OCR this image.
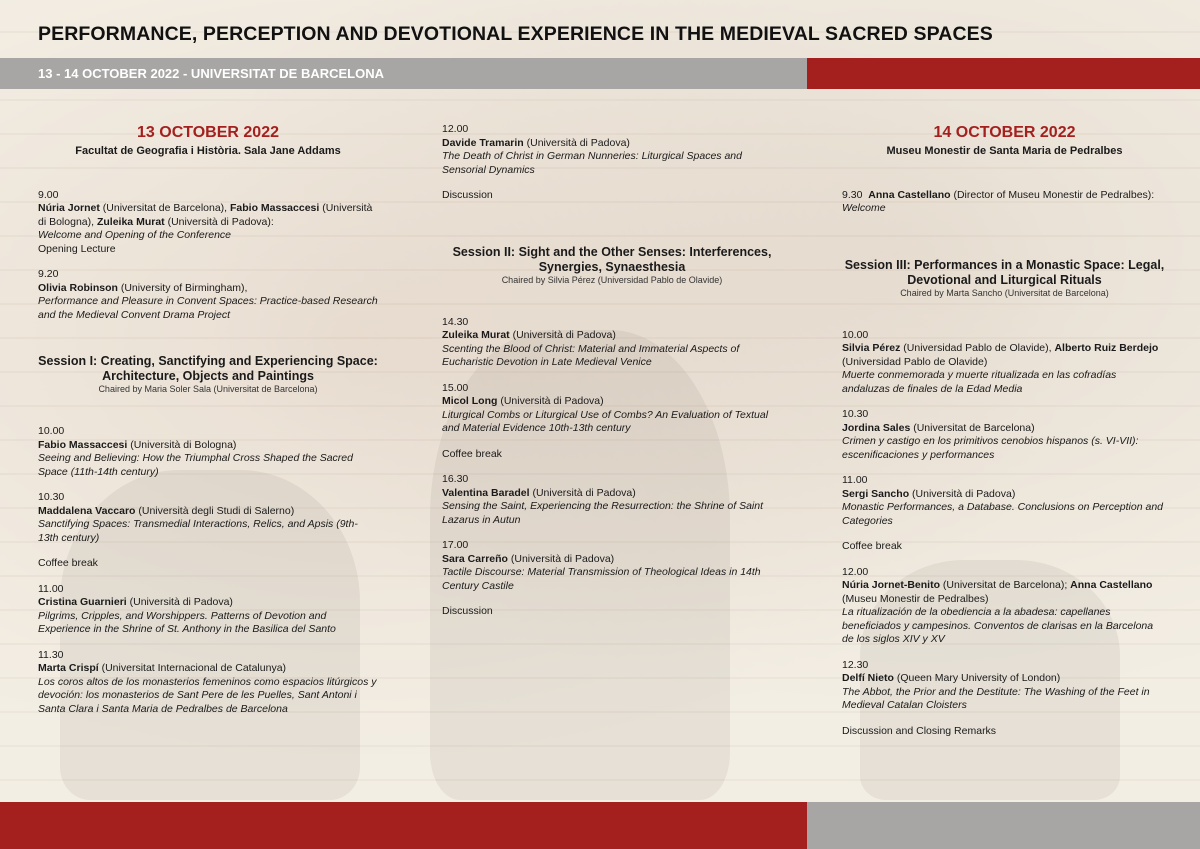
PERFORMANCE, PERCEPTION AND DEVOTIONAL EXPERIENCE IN THE MEDIEVAL SACRED SPACES
13 - 14 OCTOBER 2022 - UNIVERSITAT DE BARCELONA
13 OCTOBER 2022
Facultat de Geografia i Història. Sala Jane Addams
9.00
Núria Jornet (Universitat de Barcelona), Fabio Massaccesi (Università di Bologna), Zuleika Murat (Università di Padova):
Welcome and Opening of the Conference
Opening Lecture
9.20
Olivia Robinson (University of Birmingham),
Performance and Pleasure in Convent Spaces: Practice-based Research and the Medieval Convent Drama Project
Session I: Creating, Sanctifying and Experiencing Space: Architecture, Objects and Paintings
Chaired by Maria Soler Sala (Universitat de Barcelona)
10.00
Fabio Massaccesi (Università di Bologna)
Seeing and Believing: How the Triumphal Cross Shaped the Sacred Space (11th-14th century)
10.30
Maddalena Vaccaro (Università degli Studi di Salerno)
Sanctifying Spaces: Transmedial Interactions, Relics, and Apsis (9th-13th century)
Coffee break
11.00
Cristina Guarnieri (Università di Padova)
Pilgrims, Cripples, and Worshippers. Patterns of Devotion and Experience in the Shrine of St. Anthony in the Basilica del Santo
11.30
Marta Crispí (Universitat Internacional de Catalunya)
Los coros altos de los monasterios femeninos como espacios litúrgicos y devoción: los monasterios de Sant Pere de les Puelles, Sant Antoni i Santa Clara i Santa Maria de Pedralbes de Barcelona
12.00
Davide Tramarin (Università di Padova)
The Death of Christ in German Nunneries: Liturgical Spaces and Sensorial Dynamics
Discussion
Session II: Sight and the Other Senses: Interferences, Synergies, Synaesthesia
Chaired by Silvia Pérez (Universidad Pablo de Olavide)
14.30
Zuleika Murat (Università di Padova)
Scenting the Blood of Christ: Material and Immaterial Aspects of Eucharistic Devotion in Late Medieval Venice
15.00
Micol Long (Università di Padova)
Liturgical Combs or Liturgical Use of Combs? An Evaluation of Textual and Material Evidence 10th-13th century
Coffee break
16.30
Valentina Baradel (Università di Padova)
Sensing the Saint, Experiencing the Resurrection: the Shrine of Saint Lazarus in Autun
17.00
Sara Carreño (Università di Padova)
Tactile Discourse: Material Transmission of Theological Ideas in 14th Century Castile
Discussion
14 OCTOBER 2022
Museu Monestir de Santa Maria de Pedralbes
9.30 Anna Castellano (Director of Museu Monestir de Pedralbes):
Welcome
Session III: Performances in a Monastic Space: Legal, Devotional and Liturgical Rituals
Chaired by Marta Sancho (Universitat de Barcelona)
10.00
Silvia Pérez (Universidad Pablo de Olavide), Alberto Ruiz Berdejo (Universidad Pablo de Olavide)
Muerte conmemorada y muerte ritualizada en las cofradías andaluzas de finales de la Edad Media
10.30
Jordina Sales (Universitat de Barcelona)
Crimen y castigo en los primitivos cenobios hispanos (s. VI-VII): escenificaciones y performances
11.00
Sergi Sancho (Università di Padova)
Monastic Performances, a Database. Conclusions on Perception and Categories
Coffee break
12.00
Núria Jornet-Benito (Universitat de Barcelona); Anna Castellano (Museu Monestir de Pedralbes)
La ritualización de la obediencia a la abadesa: capellanes beneficiados y campesinos. Conventos de clarisas en la Barcelona de los siglos XIV y XV
12.30
Delfí Nieto (Queen Mary University of London)
The Abbot, the Prior and the Destitute: The Washing of the Feet in Medieval Catalan Cloisters
Discussion and Closing Remarks
